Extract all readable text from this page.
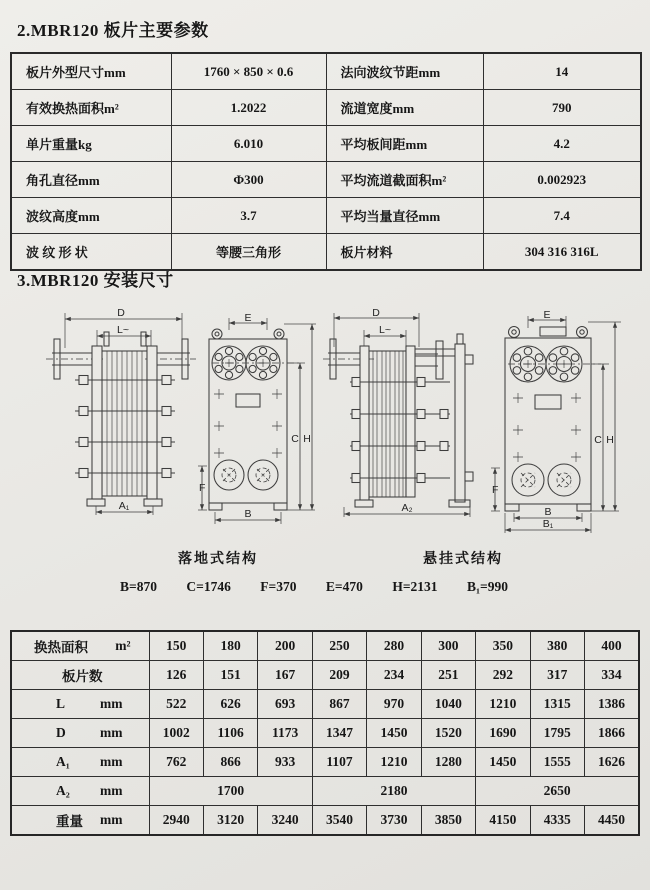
2.MBR120 板片主要参数
板片外型尺寸mm	1760 × 850 × 0.6	法向波纹节距mm	14
有效换热面积m²	1.2022	流道宽度mm	790
单片重量kg	6.010	平均板间距mm	4.2
角孔直径mm	Φ300	平均流道截面积m²	0.002923
波纹高度mm	3.7	平均当量直径mm	7.4
波 纹 形 状	等腰三角形	板片材料	304 316 316L
3.MBR120 安装尺寸
D
L~
A₁
E
F
C H
B
D
L~
A₂
E
F
C H
B
B₁
落地式结构	悬挂式结构
B=870 C=1746 F=370 E=470 H=2131 B₁=990
换热面积 m²	150	180	200	250	280	300	350	380	400

板片数	126	151	167	209	234	251	292	317	334

L mm	522	626	693	867	970	1040	1210	1315	1386

D mm	1002	1106	1173	1347	1450	1520	1690	1795	1866

A₁ mm	762	866	933	1107	1210	1280	1450	1555	1626

A₂ mm	1700			2180			2650		

重量 mm	2940	3120	3240	3540	3730	3850	4150	4335	4450
